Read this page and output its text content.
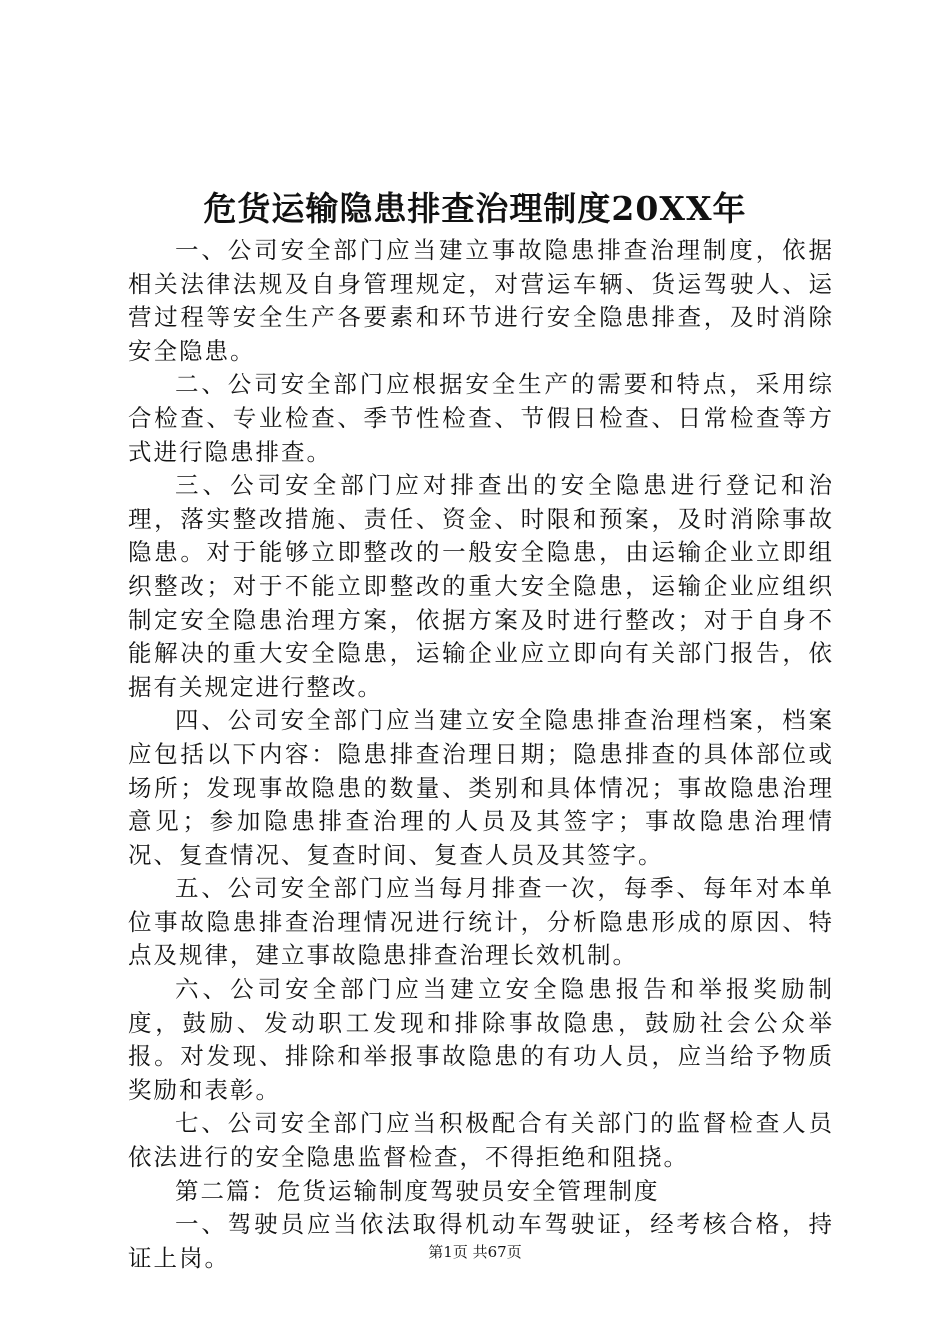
危货运输隐患排查治理制度20XX年

一、公司安全部门应当建立事故隐患排查治理制度，依据相关法律法规及自身管理规定，对营运车辆、货运驾驶人、运营过程等安全生产各要素和环节进行安全隐患排查，及时消除安全隐患。

二、公司安全部门应根据安全生产的需要和特点，采用综合检查、专业检查、季节性检查、节假日检查、日常检查等方式进行隐患排查。

三、公司安全部门应对排查出的安全隐患进行登记和治理，落实整改措施、责任、资金、时限和预案，及时消除事故隐患。对于能够立即整改的一般安全隐患，由运输企业立即组织整改；对于不能立即整改的重大安全隐患，运输企业应组织制定安全隐患治理方案，依据方案及时进行整改；对于自身不能解决的重大安全隐患，运输企业应立即向有关部门报告，依据有关规定进行整改。

四、公司安全部门应当建立安全隐患排查治理档案，档案应包括以下内容：隐患排查治理日期；隐患排查的具体部位或场所；发现事故隐患的数量、类别和具体情况；事故隐患治理意见；参加隐患排查治理的人员及其签字；事故隐患治理情况、复查情况、复查时间、复查人员及其签字。

五、公司安全部门应当每月排查一次，每季、每年对本单位事故隐患排查治理情况进行统计，分析隐患形成的原因、特点及规律，建立事故隐患排查治理长效机制。

六、公司安全部门应当建立安全隐患报告和举报奖励制度，鼓励、发动职工发现和排除事故隐患，鼓励社会公众举报。对发现、排除和举报事故隐患的有功人员，应当给予物质奖励和表彰。

七、公司安全部门应当积极配合有关部门的监督检查人员依法进行的安全隐患监督检查，不得拒绝和阻挠。

第二篇：危货运输制度驾驶员安全管理制度

一、驾驶员应当依法取得机动车驾驶证，经考核合格，持证上岗。	第1页 共67页
